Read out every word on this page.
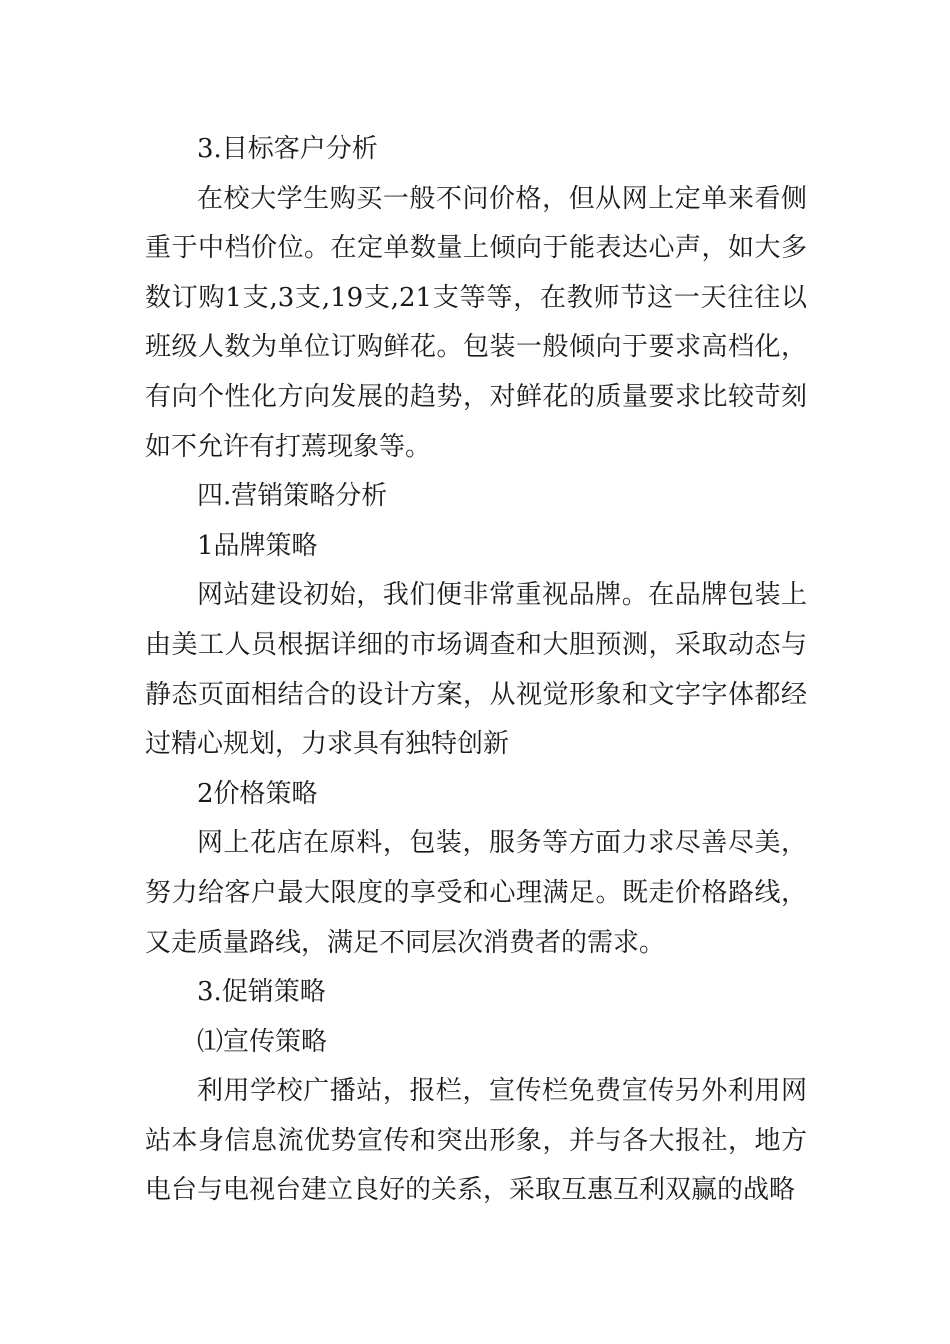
3.目标客户分析

在校大学生购买一般不问价格，但从网上定单来看侧重于中档价位。在定单数量上倾向于能表达心声，如大多数订购1支,3支,19支,21支等等，在教师节这一天往往以班级人数为单位订购鲜花。包装一般倾向于要求高档化，有向个性化方向发展的趋势，对鲜花的质量要求比较苛刻如不允许有打蔫现象等。

四.营销策略分析

1品牌策略

网站建设初始，我们便非常重视品牌。在品牌包装上由美工人员根据详细的市场调查和大胆预测，采取动态与静态页面相结合的设计方案，从视觉形象和文字字体都经过精心规划，力求具有独特创新

2价格策略

网上花店在原料，包装，服务等方面力求尽善尽美，努力给客户最大限度的享受和心理满足。既走价格路线，又走质量路线，满足不同层次消费者的需求。

3.促销策略

⑴宣传策略

利用学校广播站，报栏，宣传栏免费宣传另外利用网站本身信息流优势宣传和突出形象，并与各大报社，地方电台与电视台建立良好的关系，采取互惠互利双赢的战略
